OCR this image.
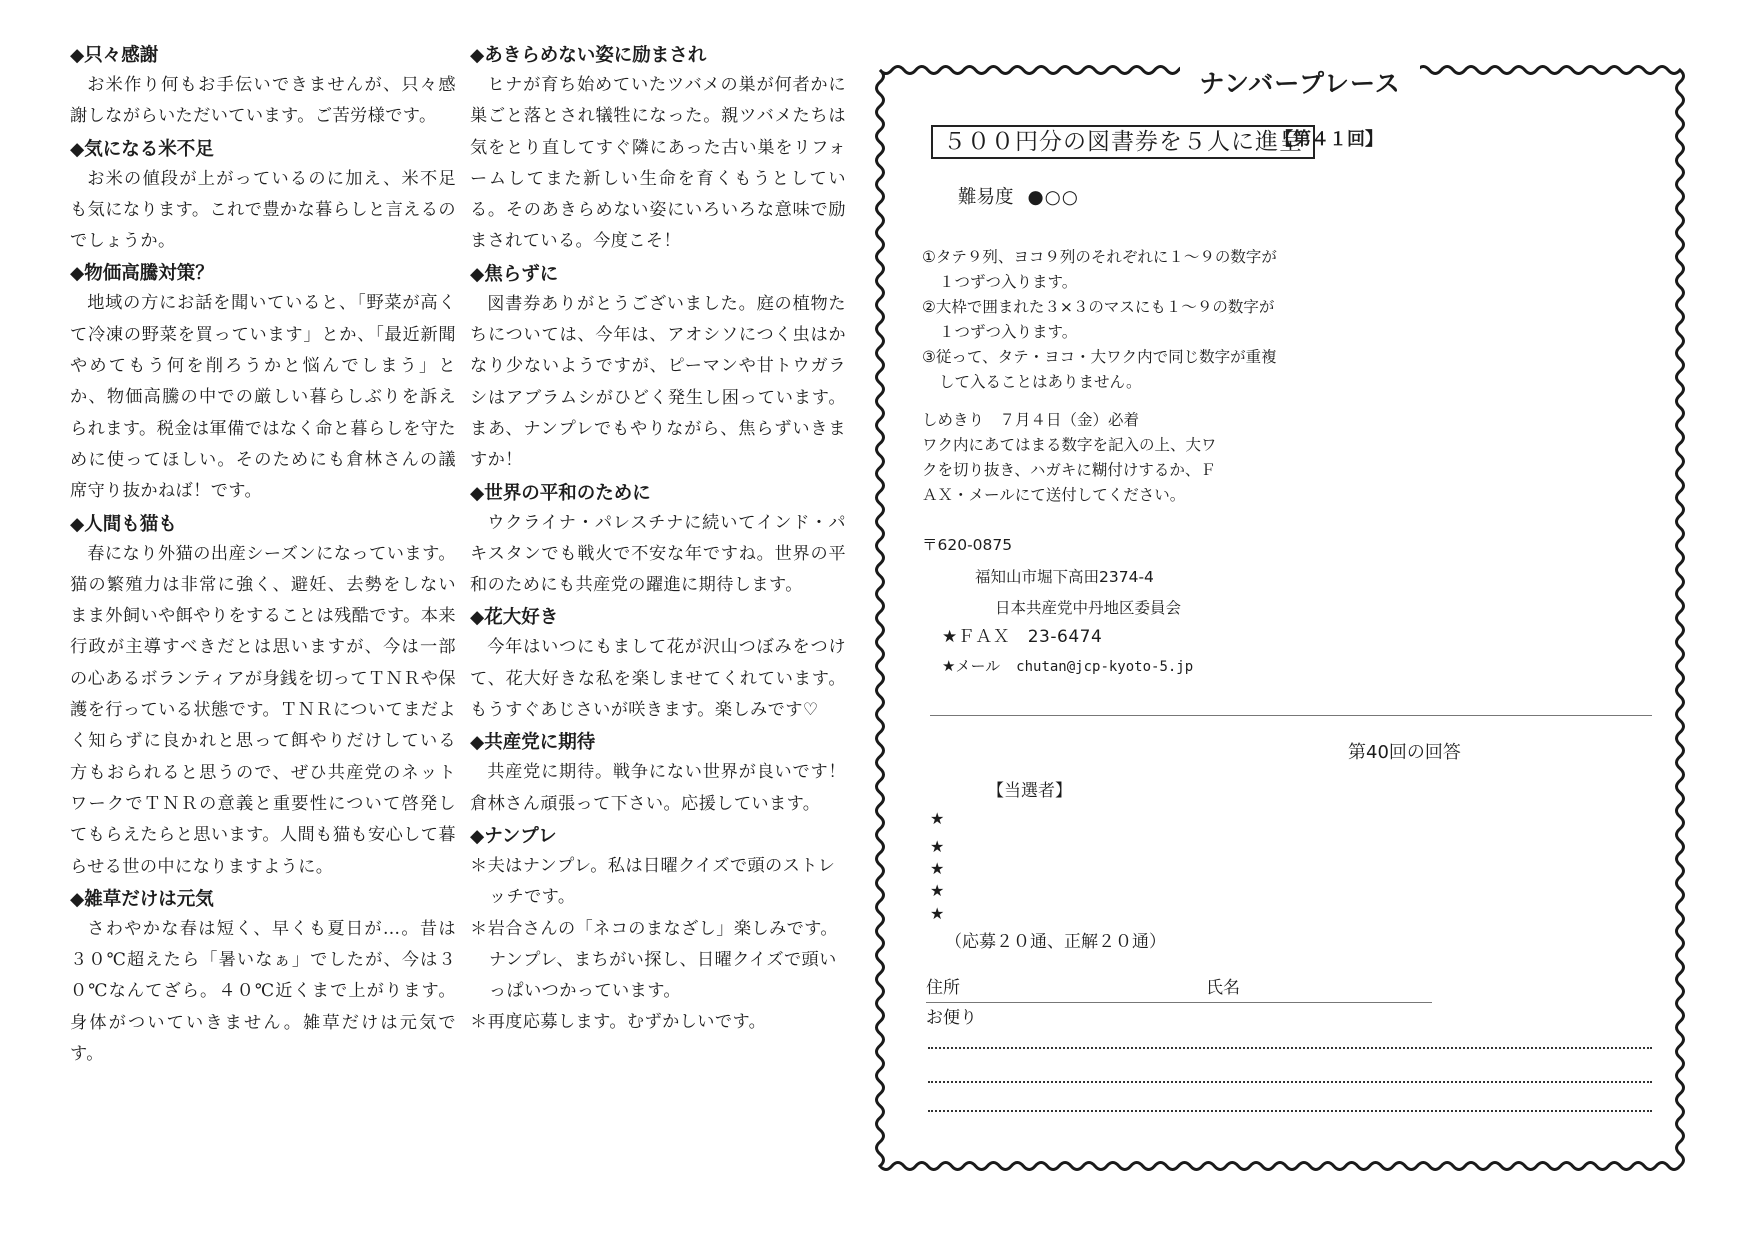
◆只々感謝
お米作り何もお手伝いできませんが、只々感謝しながらいただいています。ご苦労様です。
◆気になる米不足
お米の値段が上がっているのに加え、米不足も気になります。これで豊かな暮らしと言えるのでしょうか。
◆物価高騰対策？
地域の方にお話を聞いていると、「野菜が高くて冷凍の野菜を買っています」とか、「最近新聞やめてもう何を削ろうかと悩んでしまう」とか、物価高騰の中での厳しい暮らしぶりを訴えられます。税金は軍備ではなく命と暮らしを守ために使ってほしい。そのためにも倉林さんの議席守り抜かねば！です。
◆人間も猫も
春になり外猫の出産シーズンになっています。猫の繁殖力は非常に強く、避妊、去勢をしないまま外飼いや餌やりをすることは残酷です。本来行政が主導すべきだとは思いますが、今は一部の心あるボランティアが身銭を切ってＴＮＲや保護を行っている状態です。ＴＮＲについてまだよく知らずに良かれと思って餌やりだけしている方もおられると思うので、ぜひ共産党のネットワークでＴＮＲの意義と重要性について啓発してもらえたらと思います。人間も猫も安心して暮らせる世の中になりますように。
◆雑草だけは元気
さわやかな春は短く、早くも夏日が…。昔は３０℃超えたら「暑いなぁ」でしたが、今は３０℃なんてざら。４０℃近くまで上がります。身体がついていきません。雑草だけは元気です。
◆あきらめない姿に励まされ
ヒナが育ち始めていたツバメの巣が何者かに巣ごと落とされ犠牲になった。親ツバメたちは気をとり直してすぐ隣にあった古い巣をリフォームしてまた新しい生命を育くもうとしている。そのあきらめない姿にいろいろな意味で励まされている。今度こそ！
◆焦らずに
図書券ありがとうございました。庭の植物たちについては、今年は、アオシソにつく虫はかなり少ないようですが、ピーマンや甘トウガラシはアブラムシがひどく発生し困っています。まあ、ナンプレでもやりながら、焦らずいきますか！
◆世界の平和のために
ウクライナ・パレスチナに続いてインド・パキスタンでも戦火で不安な年ですね。世界の平和のためにも共産党の躍進に期待します。
◆花大好き
今年はいつにもまして花が沢山つぼみをつけて、花大好きな私を楽しませてくれています。もうすぐあじさいが咲きます。楽しみです♡
◆共産党に期待
共産党に期待。戦争にない世界が良いです！倉林さん頑張って下さい。応援しています。
◆ナンプレ
＊夫はナンプレ。私は日曜クイズで頭のストレッチです。
＊岩合さんの「ネコのまなざし」楽しみです。ナンプレ、まちがい探し、日曜クイズで頭いっぱいつかっています。
＊再度応募します。むずかしいです。
ナンバープレース
５００円分の図書券を５人に進呈
【第４１回】
難易度 ●○○
①タテ９列、ヨコ９列のそれぞれに１～９の数字が１つずつ入ります。
②大枠で囲まれた３×３のマスにも１～９の数字が１つずつ入ります。
③従って、タテ・ヨコ・大ワク内で同じ数字が重複して入ることはありません。
しめきり　７月４日（金）必着
ワク内にあてはまる数字を記入の上、大ワクを切り抜き、ハガキに糊付けするか、ＦＡＸ・メールにて送付してください。
〒620-0875
福知山市堀下高田2374-4
日本共産党中丹地区委員会
★ＦＡＸ　23-6474
★メール chutan@jcp-kyoto-5.jp
第40回の回答
【当選者】
★
★
★
★
★
（応募２０通、正解２０通）
住所	氏名
お便り
